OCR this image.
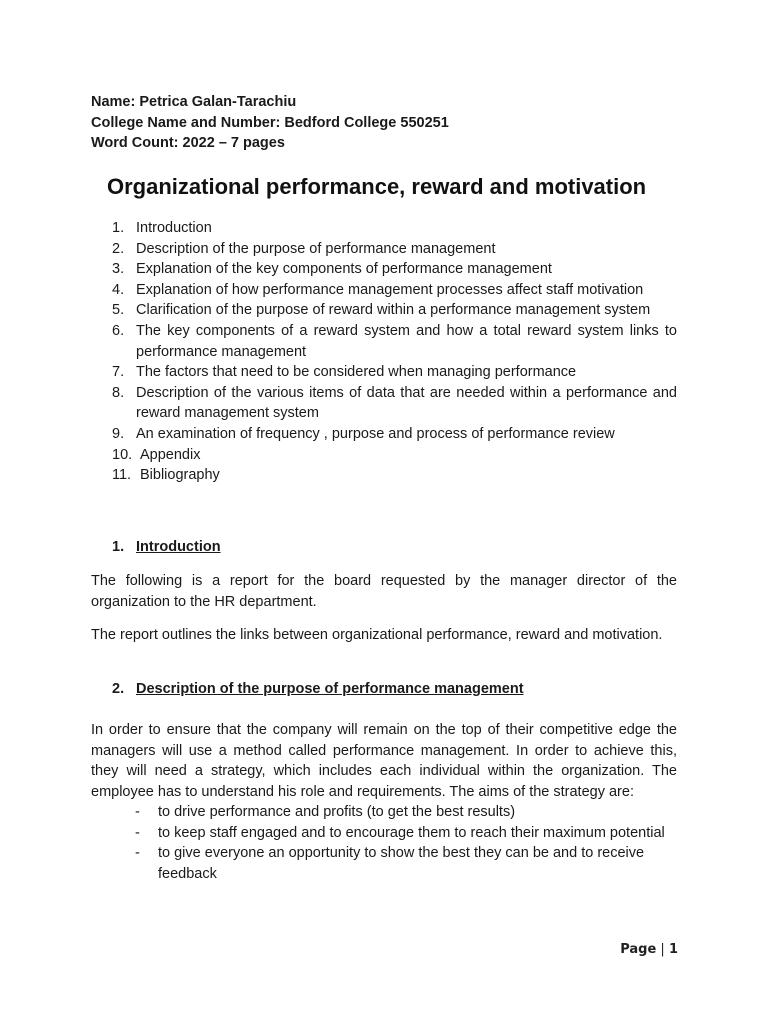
Name: Petrica Galan-Tarachiu
College Name and Number: Bedford College 550251
Word Count: 2022 – 7 pages
Organizational performance, reward and motivation
1. Introduction
2. Description of the purpose of performance management
3. Explanation of the key components of performance management
4. Explanation of how performance management processes affect staff motivation
5. Clarification of the purpose of reward within a performance management system
6. The key components of a reward system and how a total reward system links to performance management
7. The factors that need to be considered when managing performance
8. Description of the various items of data that are needed within a performance and reward management system
9. An examination of frequency , purpose and process of performance review
10. Appendix
11. Bibliography
1. Introduction

The following is a report for the board requested by the manager director of the organization to the HR department.

The report outlines the links between organizational performance, reward and motivation.

2. Description of the purpose of performance management

In order to ensure that the company will remain on the top of their competitive edge the managers will use a method called performance management. In order to achieve this, they will need a strategy, which includes each individual within the organization. The employee has to understand his role and requirements. The aims of the strategy are:

- to drive performance and profits (to get the best results)
- to keep staff engaged and to encourage them to reach their maximum potential
- to give everyone an opportunity to show the best they can be and to receive feedback
Page | 1
